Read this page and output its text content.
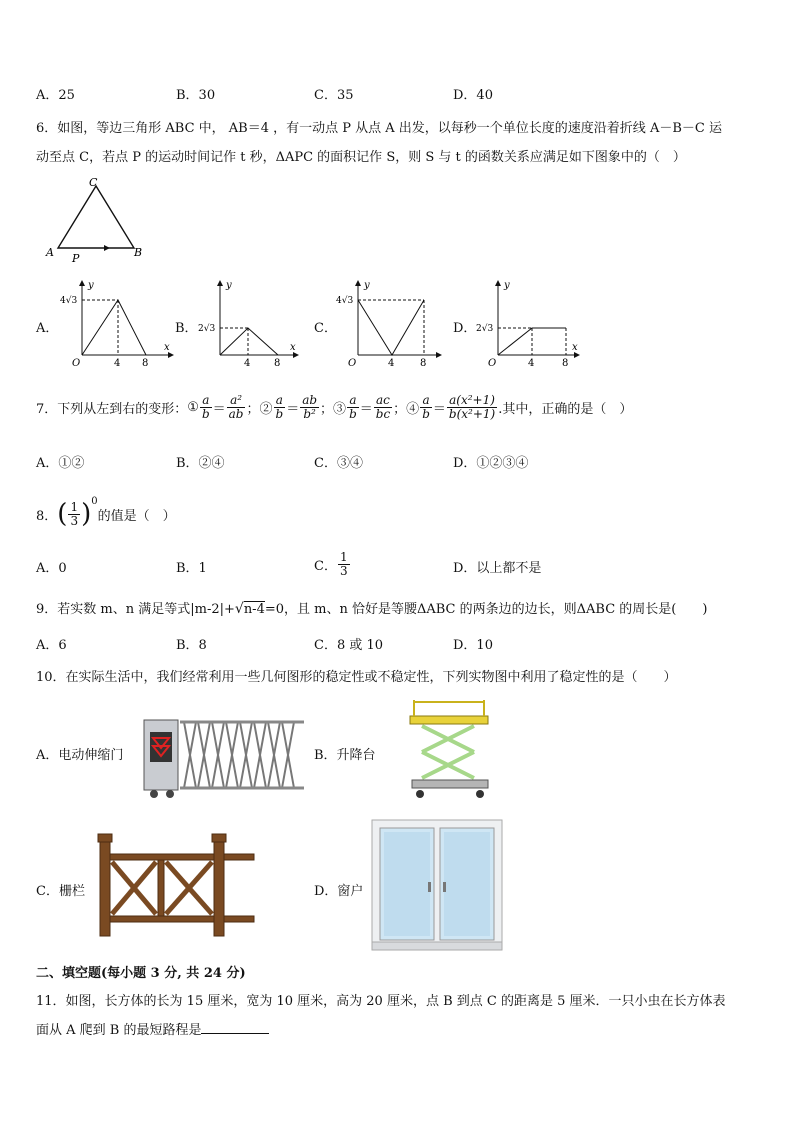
A．25	B．30	C．35	D．40
6．如图，等边三角形 ABC 中， AB＝4 ，有一动点 P 从点 A 出发，以每秒一个单位长度的速度沿着折线 A－B－C 运
动至点 C，若点 P 的运动时间记作 t 秒，ΔAPC 的面积记作 S，则 S 与 t 的函数关系应满足如下图象中的（　）
C
A	B
P
A．
y
x
O	4 8
4√3
B．
y
x
4 8
2√3	C．
y
O	4	8
4√3
D．
y
x
O	4	8
2√3
7．下列从左到右的变形： ① $\frac{a}{b} = \frac{\text{a²}}{ab}$ ；② $\frac{a}{b} = \frac{ab}{\text{b²}}$ ；③ $\frac{a}{b} = \frac{ac}{bc}$ ；④ $\frac{a}{b} = \frac{\text{a(x²+1)}}{\text{b(x²+1)}}$ .其中，正确的是（　）
A．①②	B．②④	C．③④	D．①②③④
8． ( $\frac{1}{3} )^0$
的值是（　）
A．0	B．1	C． $\frac{1}{3}$	D．以上都不是
9．若实数 m、n 满足等式|m-2|+√n-4=0，且 m、n 恰好是等腰ΔABC 的两条边的边长，则ΔABC 的周长是(　　)
A．6	B．8	C．8 或 10	D．10
10．在实际生活中，我们经常利用一些几何图形的稳定性或不稳定性，下列实物图中利用了稳定性的是（　　）
A．电动伸缩门	B．升降台
C．栅栏	D．窗户
二、填空题(每小题 3 分, 共 24 分)
11．如图，长方体的长为 15 厘米，宽为 10 厘米，高为 20 厘米，点 B 到点 C 的距离是 5 厘米．一只小虫在长方体表
面从 A 爬到 B 的最短路程是
